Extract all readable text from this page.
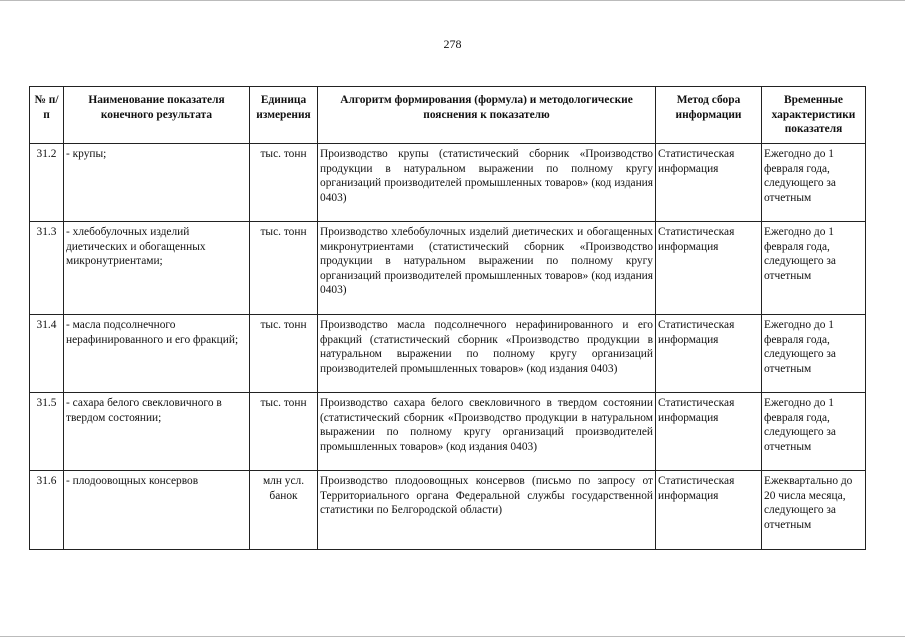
278
№ п/п	Наименование показателя конечного результата	Единица измерения	Алгоритм формирования (формула) и методологические пояснения к показателю	Метод сбора информации	Временные характеристики показателя
31.2	- крупы;	тыс. тонн	Производство крупы (статистический сборник «Производство продукции в натуральном выражении по полному кругу организаций производителей промышленных товаров» (код издания 0403)	Статистическая информация	Ежегодно до 1 февраля года, следующего за отчетным
31.3	- хлебобулочных изделий диетических и обогащенных микронутриентами;	тыс. тонн	Производство хлебобулочных изделий диетических и обогащенных микронутриентами (статистический сборник «Производство продукции в натуральном выражении по полному кругу организаций производителей промышленных товаров» (код издания 0403)	Статистическая информация	Ежегодно до 1 февраля года, следующего за отчетным
31.4	- масла подсолнечного нерафинированного и его фракций;	тыс. тонн	Производство масла подсолнечного нерафинированного и его фракций (статистический сборник «Производство продукции в натуральном выражении по полному кругу организаций производителей промышленных товаров» (код издания 0403)	Статистическая информация	Ежегодно до 1 февраля года, следующего за отчетным
31.5	- сахара белого свекловичного в твердом состоянии;	тыс. тонн	Производство сахара белого свекловичного в твердом состоянии (статистический сборник «Производство продукции в натуральном выражении по полному кругу организаций производителей промышленных товаров» (код издания 0403)	Статистическая информация	Ежегодно до 1 февраля года, следующего за отчетным
31.6	- плодоовощных консервов	млн усл. банок	Производство плодоовощных консервов (письмо по запросу от Территориального органа Федеральной службы государственной статистики по Белгородской области)	Статистическая информация	Ежеквартально до 20 числа месяца, следующего за отчетным
